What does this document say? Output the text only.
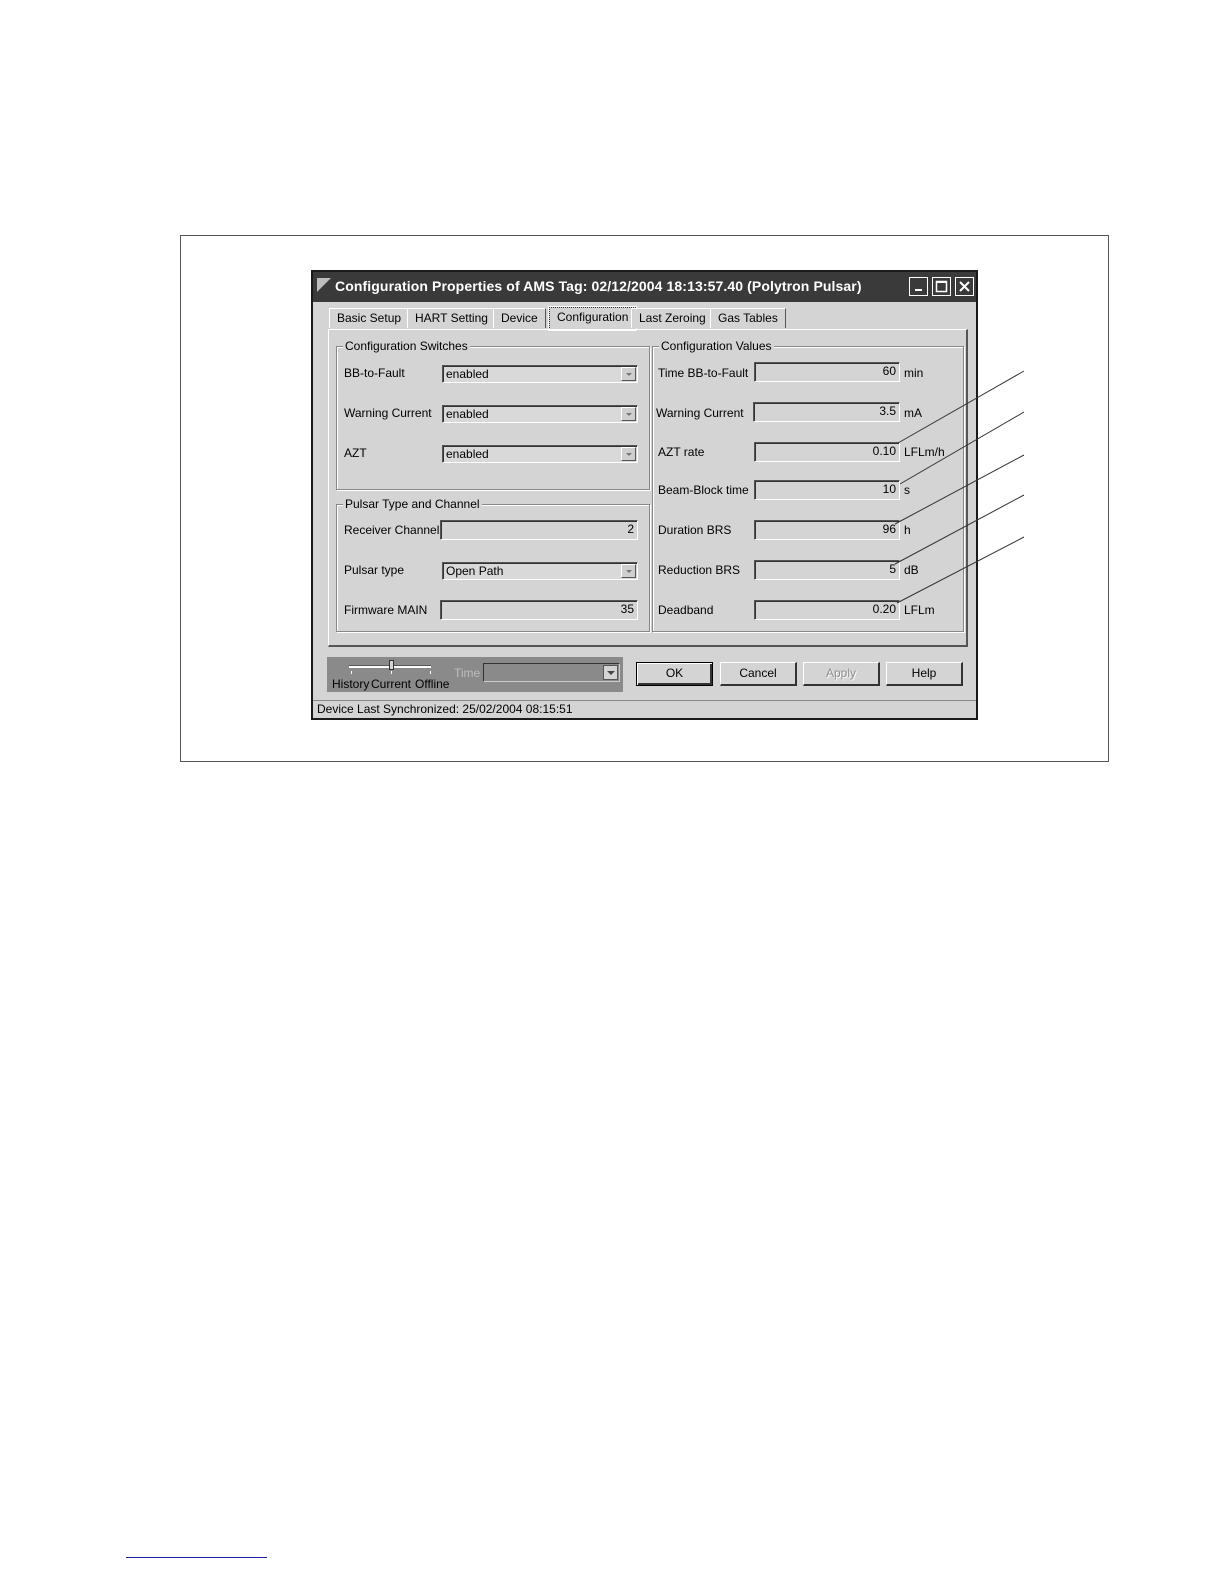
Configuration Properties of AMS Tag: 02/12/2004 18:13:57.40 (Polytron Pulsar)
Basic Setup	HART Setting	Device	Configuration Last Zeroing	Gas Tables
Configuration Switches
BB-to-Fault	enabled
Warning Current enabled
AZT	enabled
Pulsar Type and Channel
Receiver Channel	2
Pulsar type	Open Path
Firmware MAIN	35
Configuration Values
Time BB-to-Fault	60 min
Warning Current	3.5 mA
AZT rate	0.10 LFLm/h
Beam-Block time	10 s
Duration BRS	96 h
Reduction BRS	5 dB
Deadband	0.20 LFLm
History Current Offline
Time	OK	Cancel	Apply	Help
Device Last Synchronized: 25/02/2004 08:15:51
